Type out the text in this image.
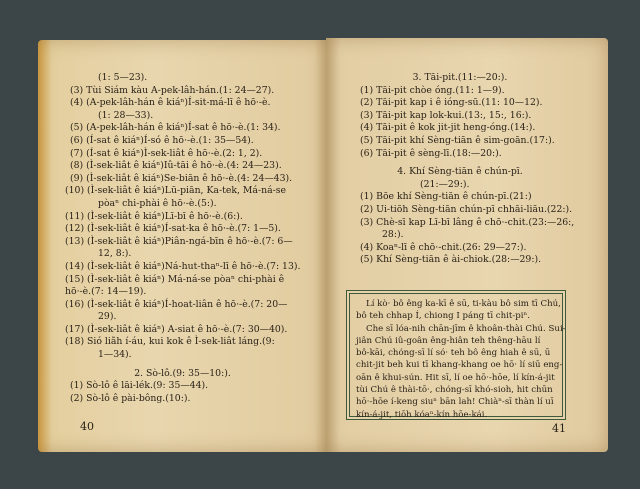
(1: 5—23).
(3) Tùi Siám kàu A-pek-lâh-hán.(1: 24—27).
(4) (A-pek-lâh-hán ê kiáⁿ)Í-sit-má-lī ê hō·-è.
(1: 28—33).
(5) (A-pek-lâh-hán ê kiáⁿ)Í-sat ê hō·-è.(1: 34).
(6) (Í-sat ê kiáⁿ)Í-só ê hō·-è.(1: 35—54).
(7) (Í-sat ê kiáⁿ)Ì-sek-liât ê hō·-è.(2: 1, 2).
(8) (Ì-sek-liât ê kiáⁿ)Iû-tāi ê hō·-è.(4: 24—23).
(9) (Ì-sek-liât ê kiáⁿ)Se-biān ê hō·-è.(4: 24—43).
(10) (Ì-sek-liât ê kiáⁿ)Lū-piān, Ka-tek, Má-ná-se
pòaⁿ chi-phài ê hō·-è.(5:).
(11) (Ì-sek-liât ê kiáⁿ)Lī-bī ê hō·-è.(6:).
(12) (Ì-sek-liât ê kiáⁿ)Í-sat-ka ê hō·-è.(7: 1—5).
(13) (Ì-sek-liât ê kiáⁿ)Piân-ngá-bīn ê hō·-è.(7: 6—
12, 8:).
(14) (Ì-sek-liât ê kiáⁿ)Ná-hut-thaⁿ-lī ê hō·-è.(7: 13).
(15) (Ì-sek-liât ê kiáⁿ) Má-ná-se pòaⁿ chi-phài ê hō·-è.(7: 14—19).
(16) (Ì-sek-liât ê kiáⁿ)Í-hoat-liân ê hō·-è.(7: 20—
29).
(17) (Ì-sek-liât ê kiáⁿ) A-siat ê hō·-è.(7: 30—40).
(18) Sió liãh í-áu, kui kok ê Ì-sek-liât láng.(9:
1—34).
2. Sò-lô.(9: 35—10:).
(1) Sò-lô ê lāi-lék.(9: 35—44).
(2) Sò-lô ê pài-bông.(10:).
40
3. Tāi-pit.(11:—20:).
(1) Tāi-pit chòe óng.(11: 1—9).
(2) Tāi-pit kap i ê ióng-sū.(11: 10—12).
(3) Tāi-pit kap lok-kui.(13:, 15:, 16:).
(4) Tāi-pit ê kok jit-jit heng-óng.(14:).
(5) Tāi-pit khí Sèng-tiān ê sim-goān.(17:).
(6) Tāi-pit ê sèng-lī.(18:—20:).
4. Khí Sèng-tiān ê chún-pī.
(21:—29:).
(1) Bōe khí Sèng-tiān ê chún-pī.(21:)
(2) Ui-tiōh Sèng-tiān chún-pī chhāi-liāu.(22:).
(3) Chè-sī kap Lī-bī lâng ê chō·-chit.(23:—26:,
28:).
(4) Koaⁿ-lī ê chō·-chit.(26: 29—27:).
(5) Khí Sèng-tiān ê ài-chiok.(28:—29:).
Lí kò· bô êng ka-kī ê sū, ti-kàu bô sim tī Chú,
bô teh chhap Í, chiong I páng tī chit-piⁿ.
Che sī lóa-nih chān-jīm ê khoân-thài Chú. Sui-
jiân Chú iû-goân êng-hiân teh thêng-hāu lí
bô-kāi, chóng-sī lí só· teh bô êng hiah ê sū, ū
chit-jit beh kui tī khang-khang oe hō· lí siū eng-
oān ê khui-sún. Hit sī, lí oe hō·-hōe, lí kín-á-jit
tùi Chú ê thài-tō·, chóng-sī khó-sioh, hit chūn
hō·-hōe í-keng siuⁿ bān lah! Chiàⁿ-sī thàn lí uī
kín-á-jit, tiōh kóaⁿ-kín hōe-kái.
41
